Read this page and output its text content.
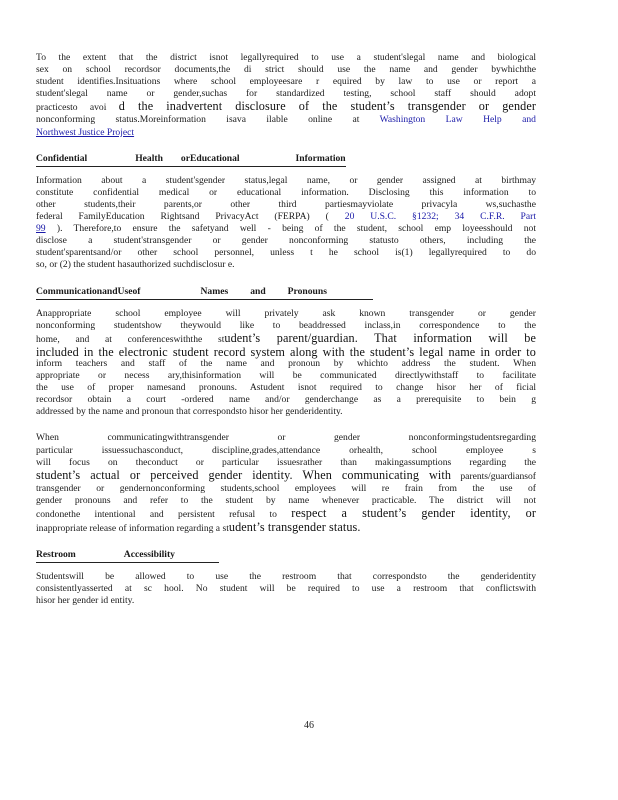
To the extent that the district isnot legallyrequired to use a student'slegal name and biological
sex on school recordsor documents,the di strict should use the name and gender bywhichthe
student identifies.Insituations where school employeesare r equired by law to use or report a
student'slegal name or gender,suchas for standardized testing, school staff should adopt
practicesto avoi d the inadvertent disclosure of the student’s transgender or gender
nonconforming status.Moreinformation isava ilable online at Washington Law Help and
Northwest Justice Project

Confidential	Health orEducational	Information

Information about a student'sgender status,legal name, or gender assigned at birthmay
constitute confidential medical or educational information. Disclosing this information to
other students,their parents,or other third partiesmayviolate privacyla ws,suchasthe
federal FamilyEducation Rightsand PrivacyAct (FERPA) ( 20 U.S.C. §1232; 34 C.F.R. Part
99 ). Therefore,to ensure the safetyand well - being of the student, school emp loyeesshould not
disclose a student'stransgender or gender nonconforming statusto others, including the
student'sparentsand/or other school personnel, unless t he school is(1) legallyrequired to do
so, or (2) the student hasauthorized suchdisclosur e.

CommunicationandUseof	Names and Pronouns

Anappropriate school employee will privately ask known transgender or gender
nonconforming studentshow theywould like to beaddressed inclass,in correspondence to the
home, and at conferenceswiththe student’s parent/guardian. That information will be
included in the electronic student record system along with the student’s legal name in order to
inform teachers and staff of the name and pronoun by whichto address the student. When
appropriate or necess ary,thisinformation will be communicated directlywithstaff to facilitate
the use of proper namesand pronouns. Astudent isnot required to change hisor her of ficial
recordsor obtain a court -ordered name and/or genderchange as a prerequisite to bein g
addressed by the name and pronoun that correspondsto hisor her genderidentity.

When communicatingwithtransgender or gender nonconformingstudentsregarding
particular issuessuchasconduct, discipline,grades,attendance orhealth, school employee s
will focus on theconduct or particular issuesrather than makingassumptions regarding the
student’s actual or perceived gender identity. When communicating with parents/guardiansof
transgender or gendernonconforming students,school employees will re frain from the use of
gender pronouns and refer to the student by name whenever practicable. The district will not
condonethe intentional and persistent refusal to respect a student’s gender identity, or
inappropriate release of information regarding a student’s transgender status.

Restroom	Accessibility

Studentswill be allowed to use the restroom that correspondsto the genderidentity
consistentlyasserted at sc hool. No student will be required to use a restroom that conflictswith
hisor her gender id entity.

46
